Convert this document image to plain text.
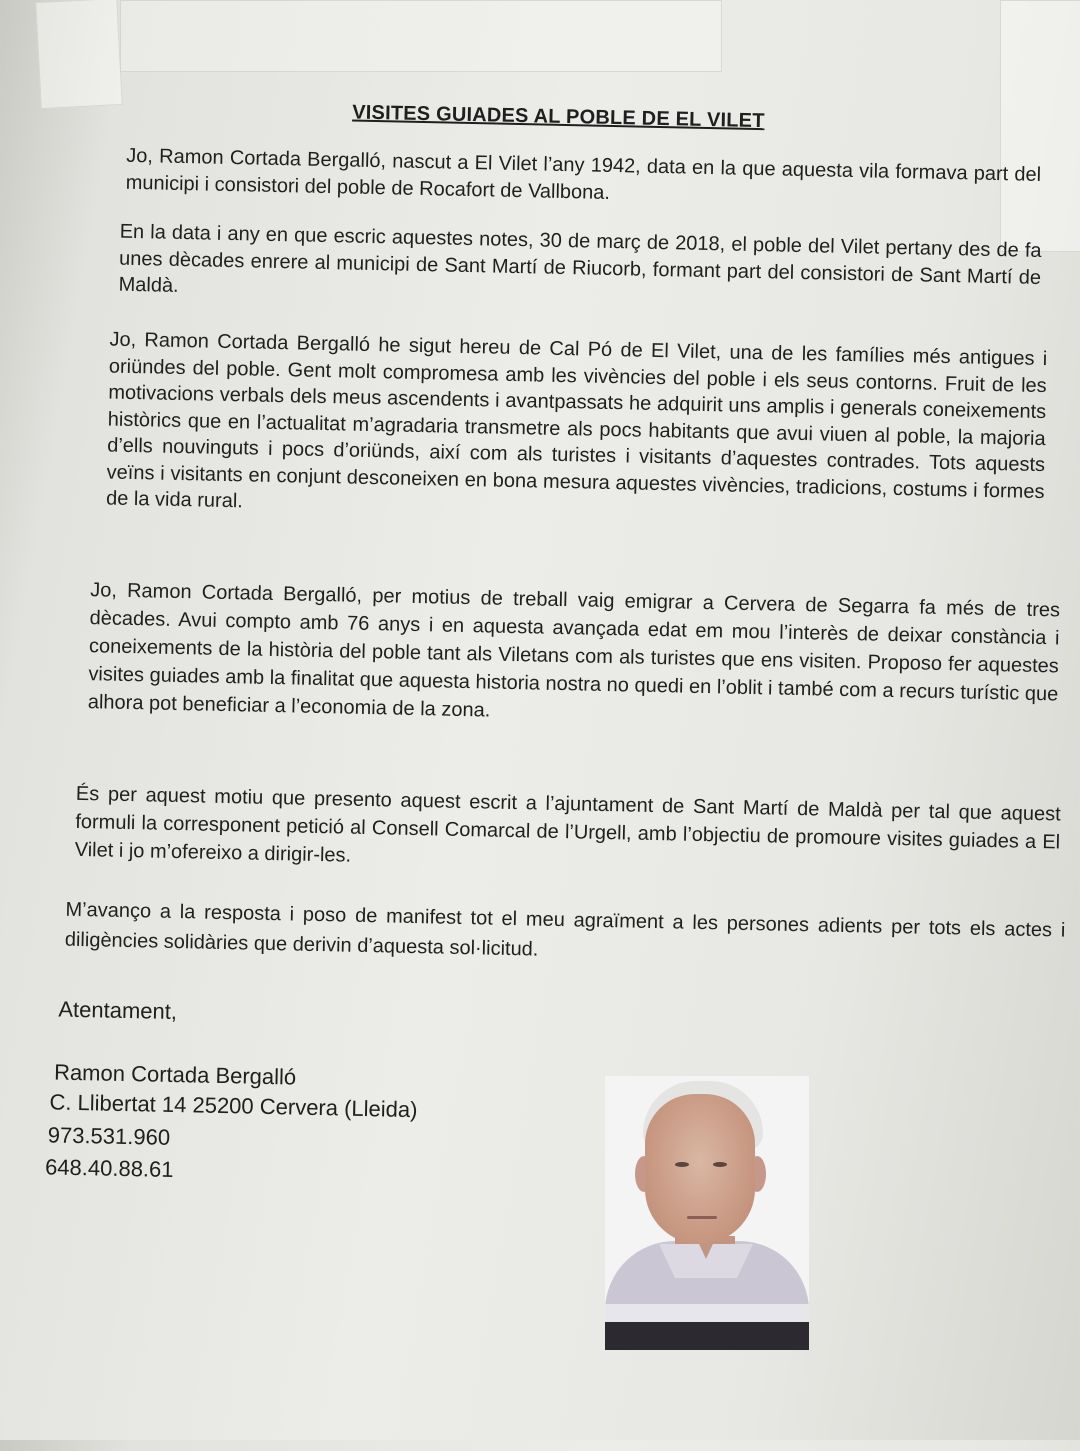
VISITES GUIADES AL POBLE DE EL VILET

Jo, Ramon Cortada Bergalló, nascut a El Vilet l’any 1942, data en la que aquesta vila formava part del municipi i consistori del poble de Rocafort de Vallbona.

En la data i any en que escric aquestes notes, 30 de març de 2018, el poble del Vilet pertany des de fa unes dècades enrere al municipi de Sant Martí de Riucorb, formant part del consistori de Sant Martí de Maldà.

Jo, Ramon Cortada Bergalló he sigut hereu de Cal Pó de El Vilet, una de les famílies més antigues i oriündes del poble. Gent molt compromesa amb les vivències del poble i els seus contorns. Fruit de les motivacions verbals dels meus ascendents i avantpassats he adquirit uns amplis i generals coneixements històrics que en l’actualitat m’agradaria transmetre als pocs habitants que avui viuen al poble, la majoria d’ells nouvinguts i pocs d’oriünds, així com als turistes i visitants d’aquestes contrades. Tots aquests veïns i visitants en conjunt desconeixen en bona mesura aquestes vivències, tradicions, costums i formes de la vida rural.

Jo, Ramon Cortada Bergalló, per motius de treball vaig emigrar a Cervera de Segarra fa més de tres dècades. Avui compto amb 76 anys i en aquesta avançada edat em mou l’interès de deixar constància i coneixements de la història del poble tant als Viletans com als turistes que ens visiten. Proposo fer aquestes visites guiades amb la finalitat que aquesta historia nostra no quedi en l’oblit i també com a recurs turístic que alhora pot beneficiar a l’economia de la zona.

És per aquest motiu que presento aquest escrit a l’ajuntament de Sant Martí de Maldà per tal que aquest formuli la corresponent petició al Consell Comarcal de l’Urgell, amb l’objectiu de promoure visites guiades a El Vilet i jo m’ofereixo a dirigir-les.

M’avanço a la resposta i poso de manifest tot el meu agraïment a les persones adients per tots els actes i diligències solidàries que derivin d’aquesta sol·licitud.

Atentament,
Ramon Cortada Bergalló
C. Llibertat 14 25200 Cervera (Lleida)
973.531.960
648.40.88.61
